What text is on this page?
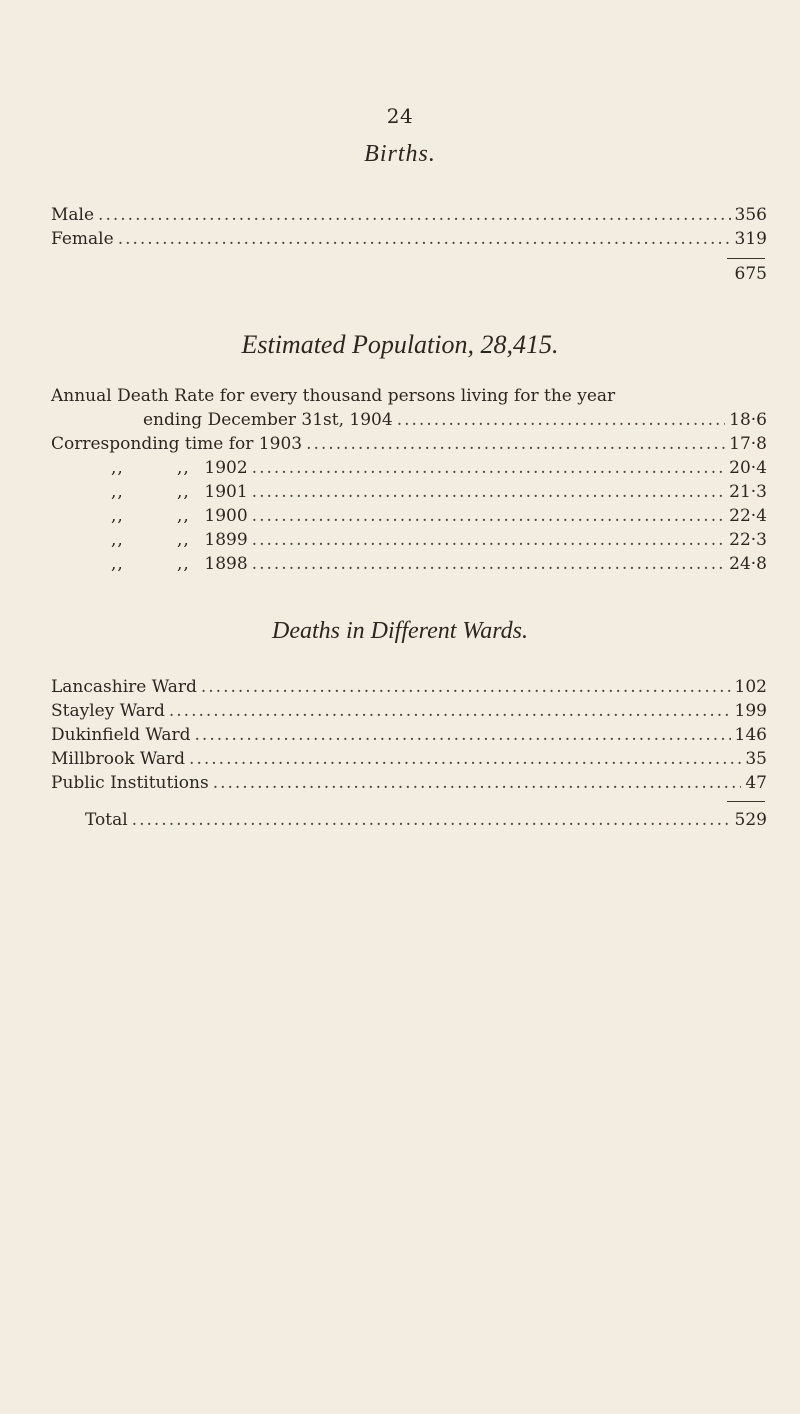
24
Births.
Male .....	356
Female .....	319
675
Estimated Population, 28,415.
Annual Death Rate for every thousand persons living for the year
ending December 31st, 1904 .....	18·6
Corresponding time for 1903 .....	17·8
,,	,, 1902 .....	20·4
,,	,, 1901 .....	21·3
,,	,, 1900 .....	22·4
,,	,, 1899 .....	22·3
,,	,, 1898 .....	24·8
Deaths in Different Wards.
Lancashire Ward .....	102
Stayley Ward .....	199
Dukinfield Ward .....	146
Millbrook Ward .....	35
Public Institutions .....	47
Total .....	529
